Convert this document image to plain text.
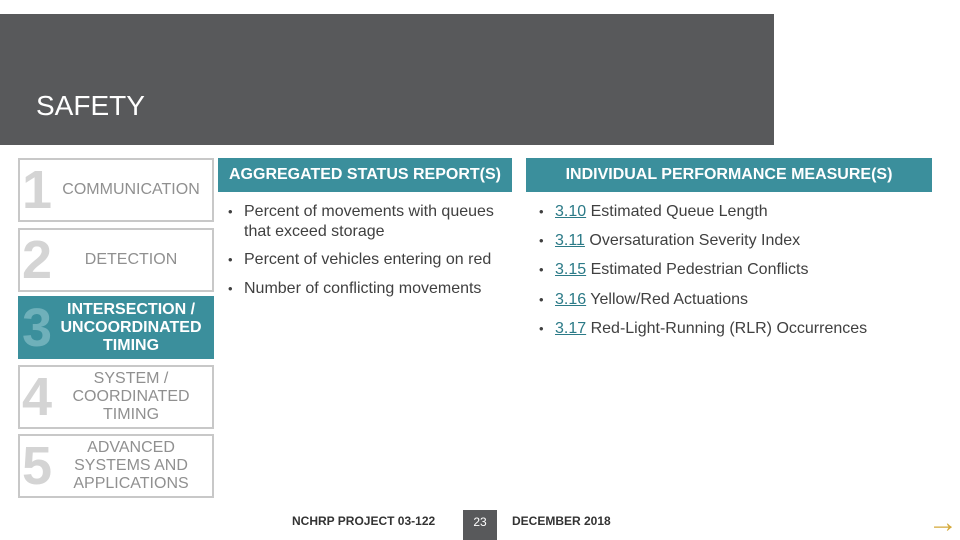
SAFETY
1 COMMUNICATION
2	DETECTION
3 INTERSECTION / UNCOORDINATED TIMING
4	SYSTEM / COORDINATED TIMING
5	ADVANCED SYSTEMS AND APPLICATIONS
AGGREGATED STATUS REPORT(S)
• Percent of movements with queues that exceed storage
• Percent of vehicles entering on red
• Number of conflicting movements
INDIVIDUAL PERFORMANCE MEASURE(S)
• 3.10 Estimated Queue Length
• 3.11 Oversaturation Severity Index
• 3.15 Estimated Pedestrian Conflicts
• 3.16 Yellow/Red Actuations
• 3.17 Red-Light-Running (RLR) Occurrences
NCHRP PROJECT 03-122	23	DECEMBER 2018	→
